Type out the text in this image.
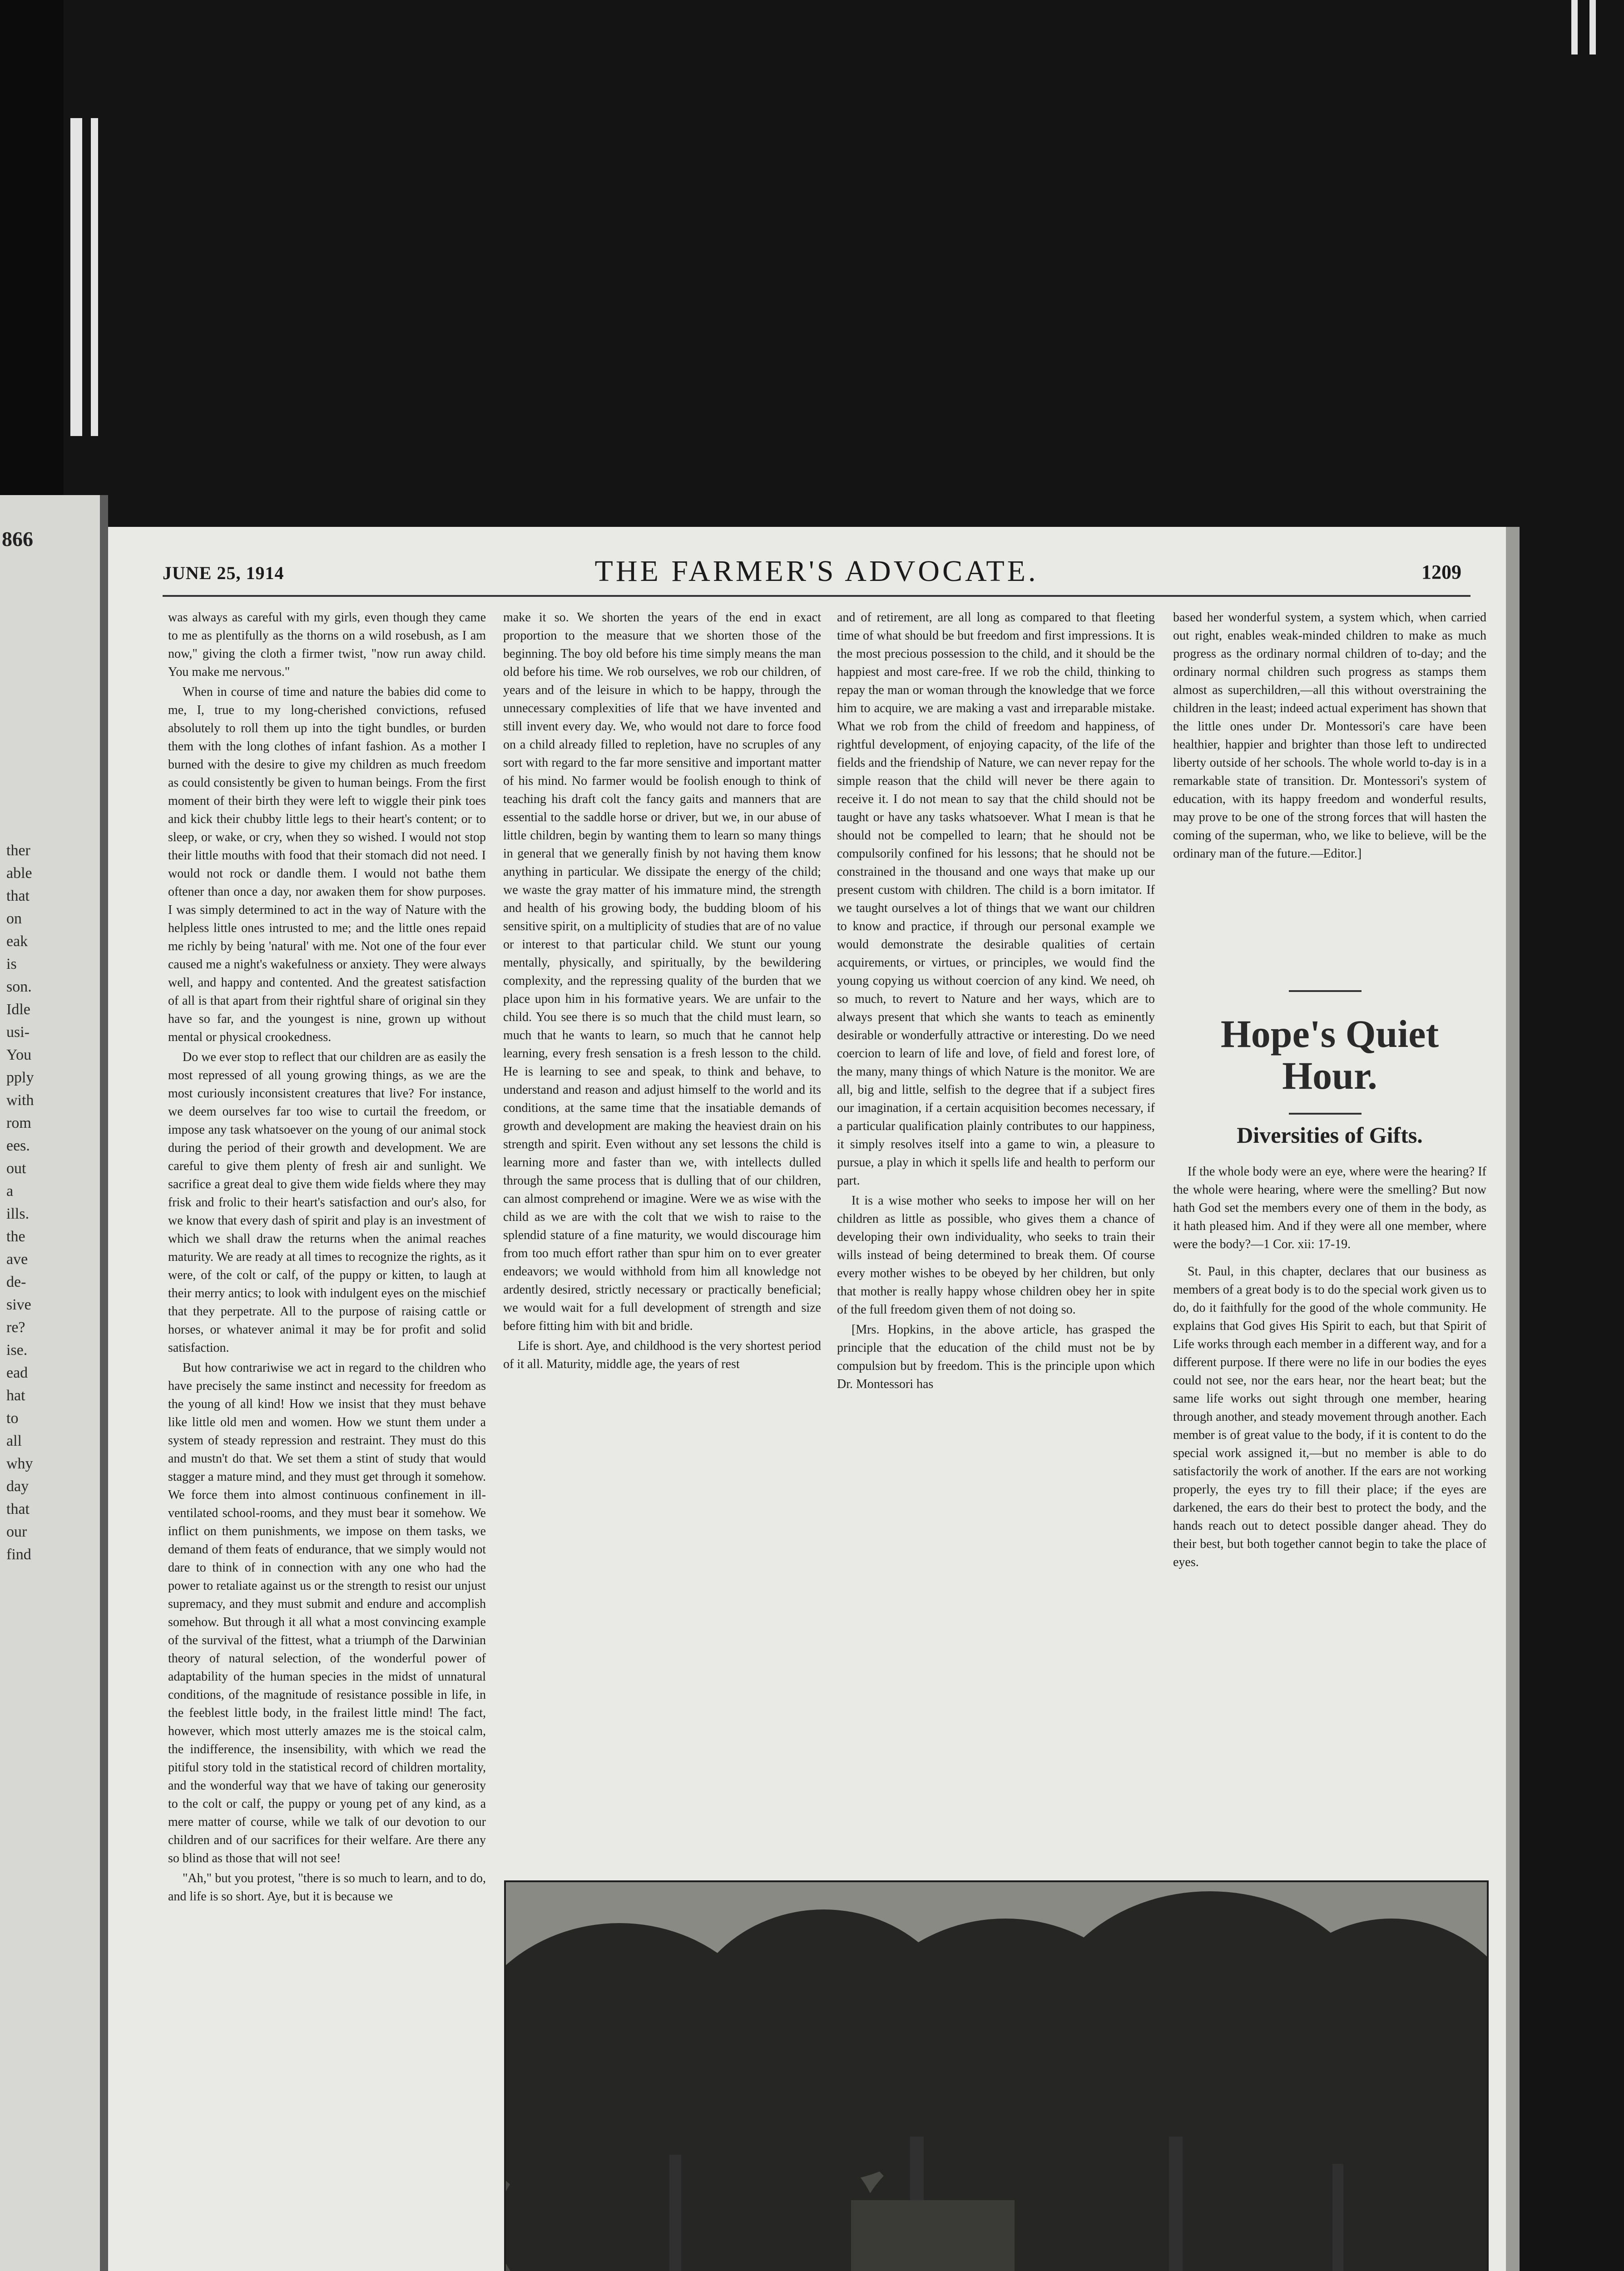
866
ther
able
that
on
eak
is
son.
Idle
usi-
You
pply
with
rom
ees.
out
a
ills.
the
ave
de-
sive
re?
ise.
ead
hat
to
all
why
day
that
our
find
JUNE 25, 1914	THE FARMER'S ADVOCATE.	1209

was always as careful with my girls, even though they came to me as plentifully as the thorns on a wild rosebush, as I am now," giving the cloth a firmer twist, "now run away child. You make me nervous."

When in course of time and nature the babies did come to me, I, true to my long-cherished convictions, refused absolutely to roll them up into the tight bundles, or burden them with the long clothes of infant fashion. As a mother I burned with the desire to give my children as much freedom as could consistently be given to human beings. From the first moment of their birth they were left to wiggle their pink toes and kick their chubby little legs to their heart's content; or to sleep, or wake, or cry, when they so wished. I would not stop their little mouths with food that their stomach did not need. I would not rock or dandle them. I would not bathe them oftener than once a day, nor awaken them for show purposes. I was simply determined to act in the way of Nature with the helpless little ones intrusted to me; and the little ones repaid me richly by being 'natural' with me. Not one of the four ever caused me a night's wakefulness or anxiety. They were always well, and happy and contented. And the greatest satisfaction of all is that apart from their rightful share of original sin they have so far, and the youngest is nine, grown up without mental or physical crookedness.

Do we ever stop to reflect that our children are as easily the most repressed of all young growing things, as we are the most curiously inconsistent creatures that live? For instance, we deem ourselves far too wise to curtail the freedom, or impose any task whatsoever on the young of our animal stock during the period of their growth and development. We are careful to give them plenty of fresh air and sunlight. We sacrifice a great deal to give them wide fields where they may frisk and frolic to their heart's satisfaction and our's also, for we know that every dash of spirit and play is an investment of which we shall draw the returns when the animal reaches maturity. We are ready at all times to recognize the rights, as it were, of the colt or calf, of the puppy or kitten, to laugh at their merry antics; to look with indulgent eyes on the mischief that they perpetrate. All to the purpose of raising cattle or horses, or whatever animal it may be for profit and solid satisfaction.

But how contrariwise we act in regard to the children who have precisely the same instinct and necessity for freedom as the young of all kind! How we insist that they must behave like little old men and women. How we stunt them under a system of steady repression and restraint. They must do this and mustn't do that. We set them a stint of study that would stagger a mature mind, and they must get through it somehow. We force them into almost continuous confinement in ill-ventilated school-rooms, and they must bear it somehow. We inflict on them punishments, we impose on them tasks, we demand of them feats of endurance, that we simply would not dare to think of in connection with any one who had the power to retaliate against us or the strength to resist our unjust supremacy, and they must submit and endure and accomplish somehow. But through it all what a most convincing example of the survival of the fittest, what a triumph of the Darwinian theory of natural selection, of the wonderful power of adaptability of the human species in the midst of unnatural conditions, of the magnitude of resistance possible in life, in the feeblest little body, in the frailest little mind! The fact, however, which most utterly amazes me is the stoical calm, the indifference, the insensibility, with which we read the pitiful story told in the statistical record of children mortality, and the wonderful way that we have of taking our generosity to the colt or calf, the puppy or young pet of any kind, as a mere matter of course, while we talk of our devotion to our children and of our sacrifices for their welfare. Are there any so blind as those that will not see!

"Ah," but you protest, "there is so much to learn, and to do, and life is so short. Aye, but it is because we

make it so. We shorten the years of the end in exact proportion to the measure that we shorten those of the beginning. The boy old before his time simply means the man old before his time. We rob ourselves, we rob our children, of years and of the leisure in which to be happy, through the unnecessary complexities of life that we have invented and still invent every day. We, who would not dare to force food on a child already filled to repletion, have no scruples of any sort with regard to the far more sensitive and important matter of his mind. No farmer would be foolish enough to think of teaching his draft colt the fancy gaits and manners that are essential to the saddle horse or driver, but we, in our abuse of little children, begin by wanting them to learn so many things in general that we generally finish by not having them know anything in particular. We dissipate the energy of the child; we waste the gray matter of his immature mind, the strength and health of his growing body, the budding bloom of his sensitive spirit, on a multiplicity of studies that are of no value or interest to that particular child. We stunt our young mentally, physically, and spiritually, by the bewildering complexity, and the repressing quality of the burden that we place upon him in his formative years. We are unfair to the child. You see there is so much that the child must learn, so much that he wants to learn, so much that he cannot help learning, every fresh sensation is a fresh lesson to the child. He is learning to see and speak, to think and behave, to understand and reason and adjust himself to the world and its conditions, at the same time that the insatiable demands of growth and development are making the heaviest drain on his strength and spirit. Even without any set lessons the child is learning more and faster than we, with intellects dulled through the same process that is dulling that of our children, can almost comprehend or imagine. Were we as wise with the child as we are with the colt that we wish to raise to the splendid stature of a fine maturity, we would discourage him from too much effort rather than spur him on to ever greater endeavors; we would withhold from him all knowledge not ardently desired, strictly necessary or practically beneficial; we would wait for a full development of strength and size before fitting him with bit and bridle.

Life is short. Aye, and childhood is the very shortest period of it all. Maturity, middle age, the years of rest

and of retirement, are all long as compared to that fleeting time of what should be but freedom and first impressions. It is the most precious possession to the child, and it should be the happiest and most care-free. If we rob the child, thinking to repay the man or woman through the knowledge that we force him to acquire, we are making a vast and irreparable mistake. What we rob from the child of freedom and happiness, of rightful development, of enjoying capacity, of the life of the fields and the friendship of Nature, we can never repay for the simple reason that the child will never be there again to receive it. I do not mean to say that the child should not be taught or have any tasks whatsoever. What I mean is that he should not be compelled to learn; that he should not be compulsorily confined for his lessons; that he should not be constrained in the thousand and one ways that make up our present custom with children. The child is a born imitator. If we taught ourselves a lot of things that we want our children to know and practice, if through our personal example we would demonstrate the desirable qualities of certain acquirements, or virtues, or principles, we would find the young copying us without coercion of any kind. We need, oh so much, to revert to Nature and her ways, which are to always present that which she wants to teach as eminently desirable or wonderfully attractive or interesting. Do we need coercion to learn of life and love, of field and forest lore, of the many, many things of which Nature is the monitor. We are all, big and little, selfish to the degree that if a subject fires our imagination, if a certain acquisition becomes necessary, if a particular qualification plainly contributes to our happiness, it simply resolves itself into a game to win, a pleasure to pursue, a play in which it spells life and health to perform our part.

It is a wise mother who seeks to impose her will on her children as little as possible, who gives them a chance of developing their own individuality, who seeks to train their wills instead of being determined to break them. Of course every mother wishes to be obeyed by her children, but only that mother is really happy whose children obey her in spite of the full freedom given them of not doing so.

[Mrs. Hopkins, in the above article, has grasped the principle that the education of the child must not be by compulsion but by freedom. This is the principle upon which Dr. Montessori has

based her wonderful system, a system which, when carried out right, enables weak-minded children to make as much progress as the ordinary normal children of to-day; and the ordinary normal children such progress as stamps them almost as superchildren,—all this without overstraining the children in the least; indeed actual experiment has shown that the little ones under Dr. Montessori's care have been healthier, happier and brighter than those left to undirected liberty outside of her schools. The whole world to-day is in a remarkable state of transition. Dr. Montessori's system of education, with its happy freedom and wonderful results, may prove to be one of the strong forces that will hasten the coming of the superman, who, we like to believe, will be the ordinary man of the future.—Editor.]

Hope's Quiet Hour.
Diversities of Gifts.

If the whole body were an eye, where were the hearing? If the whole were hearing, where were the smelling? But now hath God set the members every one of them in the body, as it hath pleased him. And if they were all one member, where were the body?—1 Cor. xii: 17-19.

St. Paul, in this chapter, declares that our business as members of a great body is to do the special work given us to do, do it faithfully for the good of the whole community. He explains that God gives His Spirit to each, but that Spirit of Life works through each member in a different way, and for a different purpose. If there were no life in our bodies the eyes could not see, nor the ears hear, nor the heart beat; but the same life works out sight through one member, hearing through another, and steady movement through another. Each member is of great value to the body, if it is content to do the special work assigned it,—but no member is able to do satisfactorily the work of another. If the ears are not working properly, the eyes try to fill their place; if the eyes are darkened, the ears do their best to protect the body, and the hands reach out to detect possible danger ahead. They do their best, but both together cannot begin to take the place of eyes.
